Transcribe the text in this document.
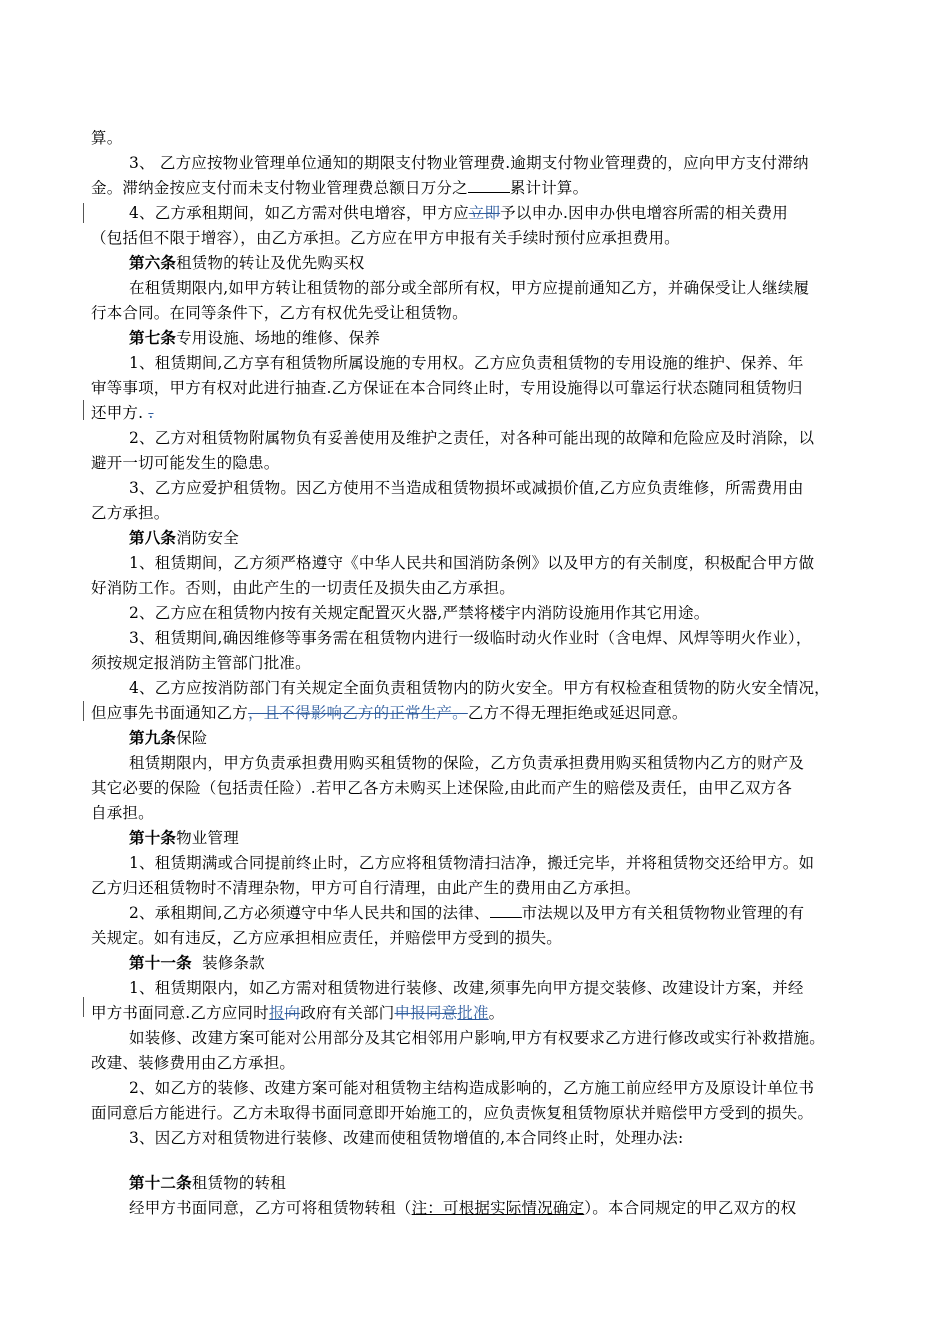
算。
3、 乙方应按物业管理单位通知的期限支付物业管理费.逾期支付物业管理费的，应向甲方支付滞纳
金。滞纳金按应支付而未支付物业管理费总额日万分之	累计计算。
4、乙方承租期间，如乙方需对供电增容，甲方应立即予以申办.因申办供电增容所需的相关费用
（包括但不限于增容），由乙方承担。乙方应在甲方申报有关手续时预付应承担费用。
第六条租赁物的转让及优先购买权
在租赁期限内,如甲方转让租赁物的部分或全部所有权，甲方应提前通知乙方，并确保受让人继续履
行本合同。在同等条件下，乙方有权优先受让租赁物。
第七条专用设施、场地的维修、保养
1、租赁期间,乙方享有租赁物所属设施的专用权。乙方应负责租赁物的专用设施的维护、保养、年
审等事项，甲方有权对此进行抽查.乙方保证在本合同终止时，专用设施得以可靠运行状态随同租赁物归
还甲方. .
2、乙方对租赁物附属物负有妥善使用及维护之责任，对各种可能出现的故障和危险应及时消除，以
避开一切可能发生的隐患。
3、乙方应爱护租赁物。因乙方使用不当造成租赁物损坏或减损价值,乙方应负责维修，所需费用由
乙方承担。
第八条消防安全
1、租赁期间，乙方须严格遵守《中华人民共和国消防条例》以及甲方的有关制度，积极配合甲方做
好消防工作。否则，由此产生的一切责任及损失由乙方承担。
2、乙方应在租赁物内按有关规定配置灭火器,严禁将楼宇内消防设施用作其它用途。
3、租赁期间,确因维修等事务需在租赁物内进行一级临时动火作业时（含电焊、风焊等明火作业），
须按规定报消防主管部门批准。
4、乙方应按消防部门有关规定全面负责租赁物内的防火安全。甲方有权检查租赁物的防火安全情况，
但应事先书面通知乙方，且不得影响乙方的正常生产。乙方不得无理拒绝或延迟同意。
第九条保险
租赁期限内，甲方负责承担费用购买租赁物的保险，乙方负责承担费用购买租赁物内乙方的财产及
其它必要的保险（包括责任险）.若甲乙各方未购买上述保险,由此而产生的赔偿及责任，由甲乙双方各
自承担。
第十条物业管理
1、租赁期满或合同提前终止时，乙方应将租赁物清扫洁净，搬迁完毕，并将租赁物交还给甲方。如
乙方归还租赁物时不清理杂物，甲方可自行清理，由此产生的费用由乙方承担。
2、承租期间,乙方必须遵守中华人民共和国的法律、 市法规以及甲方有关租赁物物业管理的有
关规定。如有违反，乙方应承担相应责任，并赔偿甲方受到的损失。
第十一条 装修条款
1、租赁期限内，如乙方需对租赁物进行装修、改建,须事先向甲方提交装修、改建设计方案，并经
甲方书面同意.乙方应同时报向政府有关部门申报同意批准。
如装修、改建方案可能对公用部分及其它相邻用户影响,甲方有权要求乙方进行修改或实行补救措施。
改建、装修费用由乙方承担。
2、如乙方的装修、改建方案可能对租赁物主结构造成影响的，乙方施工前应经甲方及原设计单位书
面同意后方能进行。乙方未取得书面同意即开始施工的，应负责恢复租赁物原状并赔偿甲方受到的损失。
3、因乙方对租赁物进行装修、改建而使租赁物增值的,本合同终止时，处理办法:
第十二条租赁物的转租
经甲方书面同意，乙方可将租赁物转租（注：可根据实际情况确定）。本合同规定的甲乙双方的权
